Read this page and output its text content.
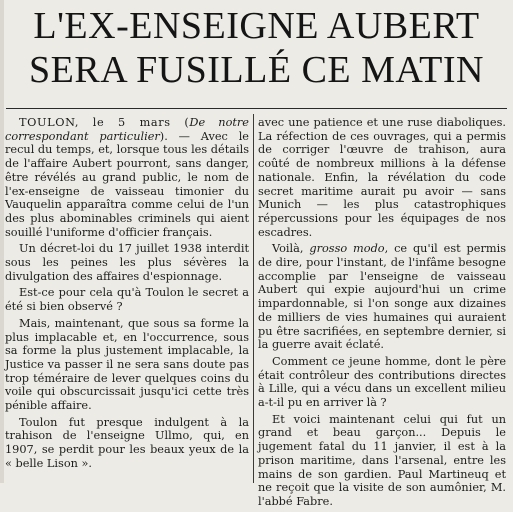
L'EX-ENSEIGNE AUBERT
SERA FUSILLÉ CE MATIN

TOULON, le 5 mars (De notre correspondant particulier). — Avec le recul du temps, et, lorsque tous les détails de l'affaire Aubert pourront, sans danger, être révélés au grand public, le nom de l'ex-enseigne de vaisseau timonier du Vauquelin apparaîtra comme celui de l'un des plus abominables criminels qui aient souillé l'uniforme d'officier français.

Un décret-loi du 17 juillet 1938 interdit sous les peines les plus sévères la divulgation des affaires d'espionnage.

Est-ce pour cela qu'à Toulon le secret a été si bien observé ?

Mais, maintenant, que sous sa forme la plus implacable et, en l'occurrence, sous sa forme la plus justement implacable, la Justice va passer il ne sera sans doute pas trop téméraire de lever quelques coins du voile qui obscurcissait jusqu'ici cette très pénible affaire.

Toulon fut presque indulgent à la trahison de l'enseigne Ullmo, qui, en 1907, se perdit pour les beaux yeux de la « belle Lison ».

avec une patience et une ruse diaboliques. La réfection de ces ouvrages, qui a permis de corriger l'œuvre de trahison, aura coûté de nombreux millions à la défense nationale. Enfin, la révélation du code secret maritime aurait pu avoir — sans Munich — les plus catastrophiques répercussions pour les équipages de nos escadres.

Voilà, grosso modo, ce qu'il est permis de dire, pour l'instant, de l'infâme besogne accomplie par l'enseigne de vaisseau Aubert qui expie aujourd'hui un crime impardonnable, si l'on songe aux dizaines de milliers de vies humaines qui auraient pu être sacrifiées, en septembre dernier, si la guerre avait éclaté.

Comment ce jeune homme, dont le père était contrôleur des contributions directes à Lille, qui a vécu dans un excellent milieu a-t-il pu en arriver là ?

Et voici maintenant celui qui fut un grand et beau garçon... Depuis le jugement fatal du 11 janvier, il est à la prison maritime, dans l'arsenal, entre les mains de son gardien. Paul Martineuq et ne reçoit que la visite de son aumônier, M. l'abbé Fabre.
